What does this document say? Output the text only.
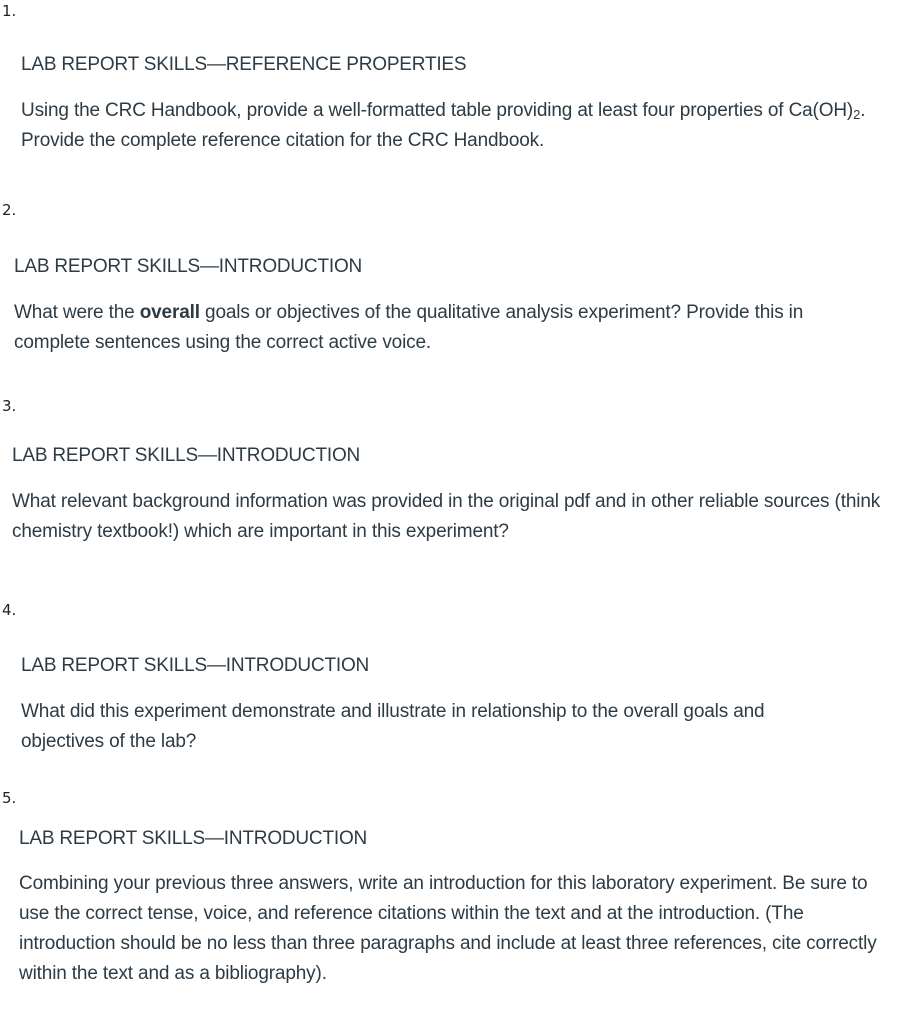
1.
LAB REPORT SKILLS—REFERENCE PROPERTIES
Using the CRC Handbook, provide a well-formatted table providing at least four properties of $Ca(OH)_2$. Provide the complete reference citation for the CRC Handbook.
2.
LAB REPORT SKILLS—INTRODUCTION
What were the overall goals or objectives of the qualitative analysis experiment? Provide this in complete sentences using the correct active voice.
3.
LAB REPORT SKILLS—INTRODUCTION
What relevant background information was provided in the original pdf and in other reliable sources (think chemistry textbook!) which are important in this experiment?
4.
LAB REPORT SKILLS—INTRODUCTION
What did this experiment demonstrate and illustrate in relationship to the overall goals and objectives of the lab?
5.
LAB REPORT SKILLS—INTRODUCTION
Combining your previous three answers, write an introduction for this laboratory experiment. Be sure to use the correct tense, voice, and reference citations within the text and at the introduction. (The introduction should be no less than three paragraphs and include at least three references, cite correctly within the text and as a bibliography).
